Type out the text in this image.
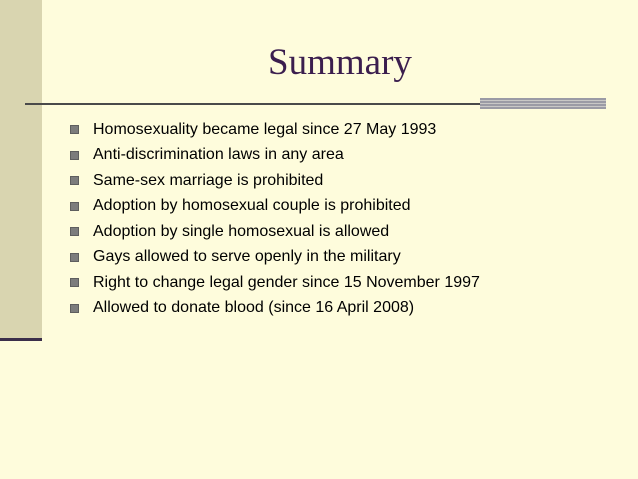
Summary
Homosexuality became legal since 27 May 1993
Anti-discrimination laws in any area
Same-sex marriage is prohibited
Adoption by homosexual couple is prohibited
Adoption by single homosexual is allowed
Gays allowed to serve openly in the military
Right to change legal gender since 15 November 1997
Allowed to donate blood (since 16 April 2008)
